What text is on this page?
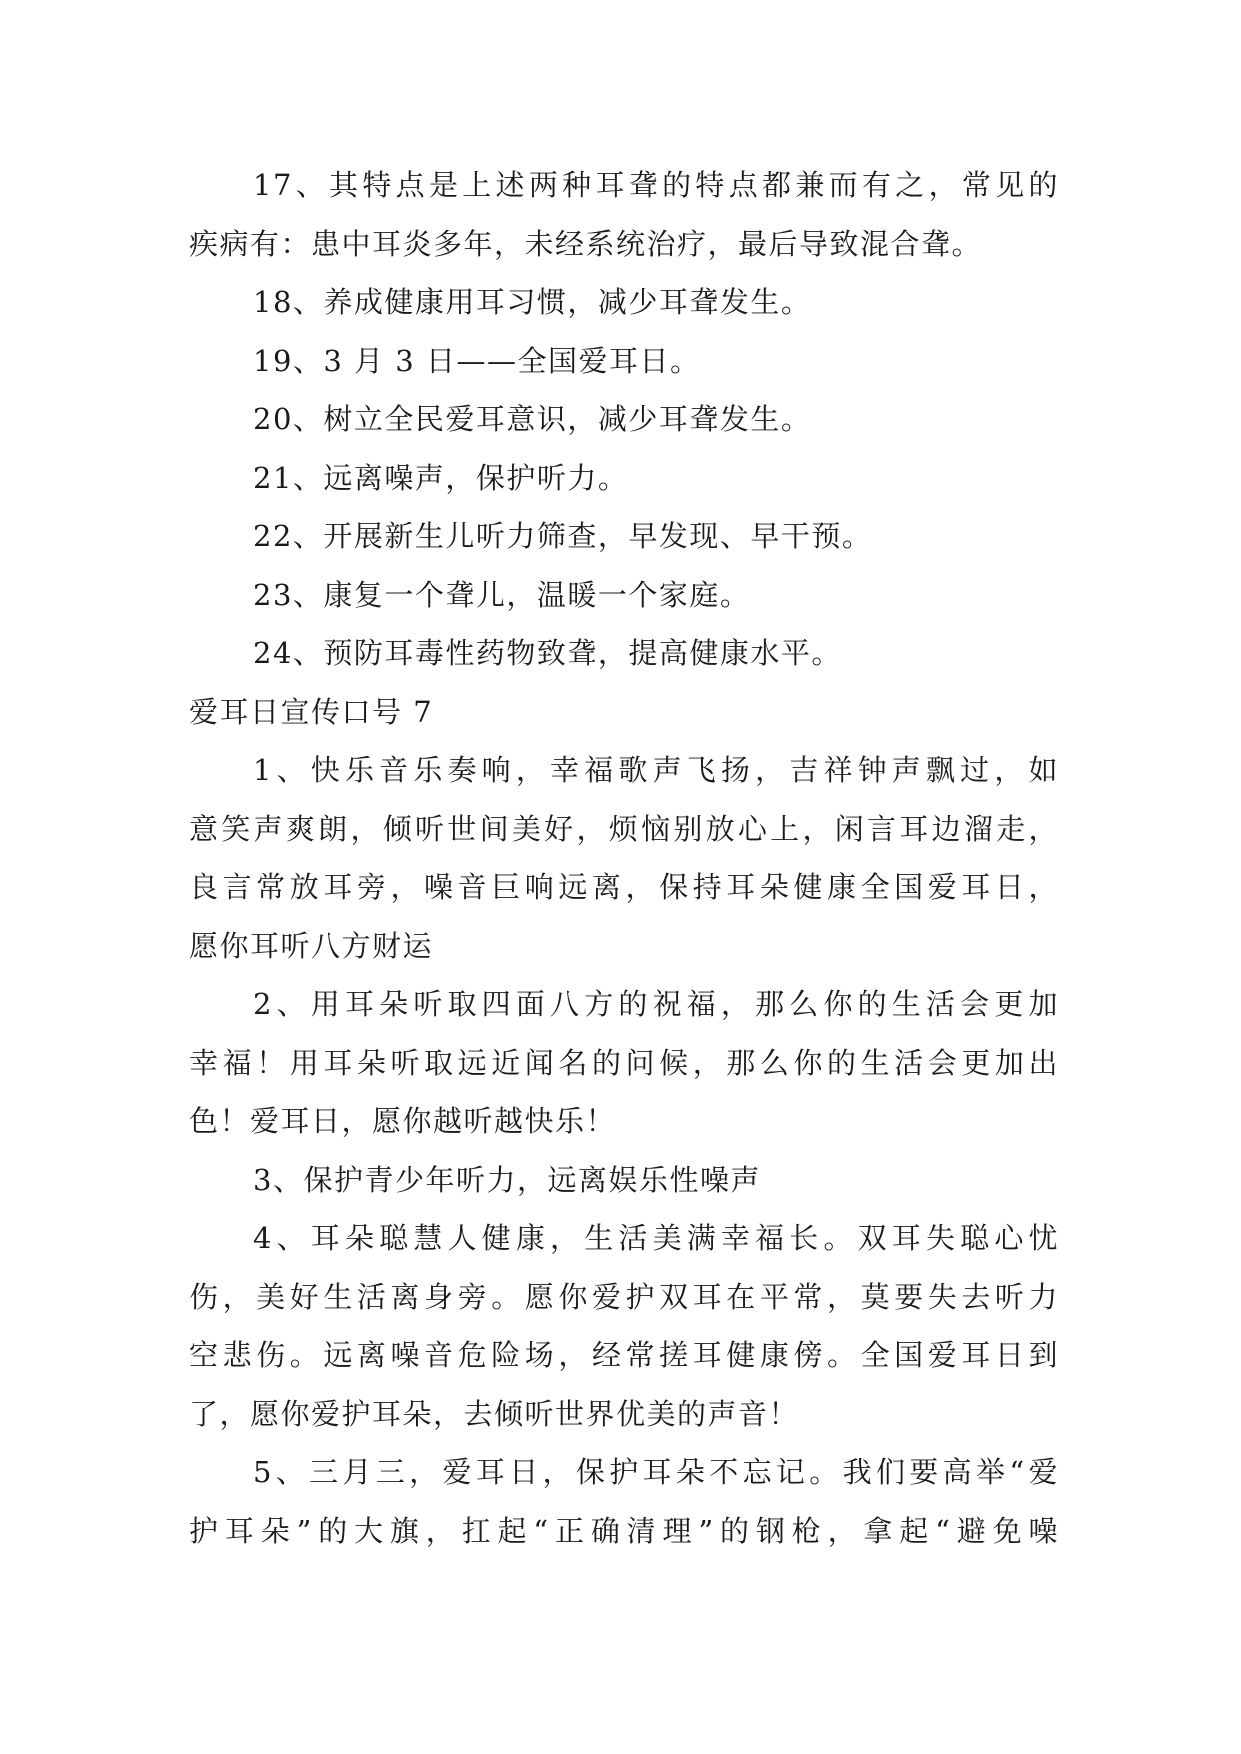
17、其特点是上述两种耳聋的特点都兼而有之，常见的
疾病有：患中耳炎多年，未经系统治疗，最后导致混合聋。
18、养成健康用耳习惯，减少耳聋发生。
19、3 月 3 日——全国爱耳日。
20、树立全民爱耳意识，减少耳聋发生。
21、远离噪声，保护听力。
22、开展新生儿听力筛查，早发现、早干预。
23、康复一个聋儿，温暖一个家庭。
24、预防耳毒性药物致聋，提高健康水平。
爱耳日宣传口号 7
1、快乐音乐奏响，幸福歌声飞扬，吉祥钟声飘过，如
意笑声爽朗，倾听世间美好，烦恼别放心上，闲言耳边溜走，
良言常放耳旁，噪音巨响远离，保持耳朵健康全国爱耳日，
愿你耳听八方财运
2、用耳朵听取四面八方的祝福，那么你的生活会更加
幸福！用耳朵听取远近闻名的问候，那么你的生活会更加出
色！爱耳日，愿你越听越快乐！
3、保护青少年听力，远离娱乐性噪声
4、耳朵聪慧人健康，生活美满幸福长。双耳失聪心忧
伤，美好生活离身旁。愿你爱护双耳在平常，莫要失去听力
空悲伤。远离噪音危险场，经常搓耳健康傍。全国爱耳日到
了，愿你爱护耳朵，去倾听世界优美的声音！
5、三月三，爱耳日，保护耳朵不忘记。我们要高举“爱
护耳朵”的大旗，扛起“正确清理”的钢枪，拿起“避免噪
